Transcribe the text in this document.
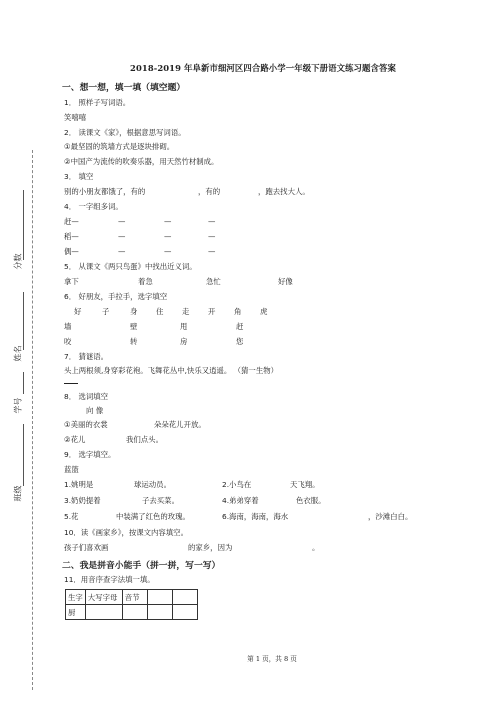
分数
姓名
学号
班级
2018-2019 年阜新市细河区四合路小学一年级下册语文练习题含答案
一、想一想，填一填（填空题）
1． 照样子写词语。
笑嘻嘻
2． 读课文《家》，根据意思写词语。
①最坚固的筑墙方式是逐块排砌。
②中国产为流传的吹奏乐器，用天然竹材制成。
3． 填空
别的小朋友都饿了，有的	，有的	，跑去找大人。
4． 一字组多词。
赶—	—	—	—
稻—	—	—	—
偶—	—	—	—
5． 从课文《两只鸟蛋》中找出近义词。
拿下	着急	急忙	好像
6． 好朋友，手拉手，选字填空
好	子	身	住	走	开	角	虎
墙	壁	甩	赶
咬	转	房	您
7． 猜谜语。
头上两根须,身穿彩花袍。飞舞花丛中,快乐又逍遥。 （猜一生物）
8． 选词填空
向 像
①美丽的衣裳	朵朵花儿开放。
②花儿	我们点头。
9． 选字填空。
蓝篮
1.姚明是	球运动员。	2.小鸟在	天飞翔。
3.奶奶提着	子去买菜。	4.弟弟穿着	色衣服。
5.花	中装满了红色的玫瑰。	6.海南，海南，海水	，沙滩白白。
10．读《画家乡》，按课文内容填空。
孩子们喜欢画	的家乡，因为	。
二、我是拼音小能手（拼一拼，写一写）
11．用音序查字法填一填。
生字	大写字母	音节		
厨				
第 1 页，共 8 页
